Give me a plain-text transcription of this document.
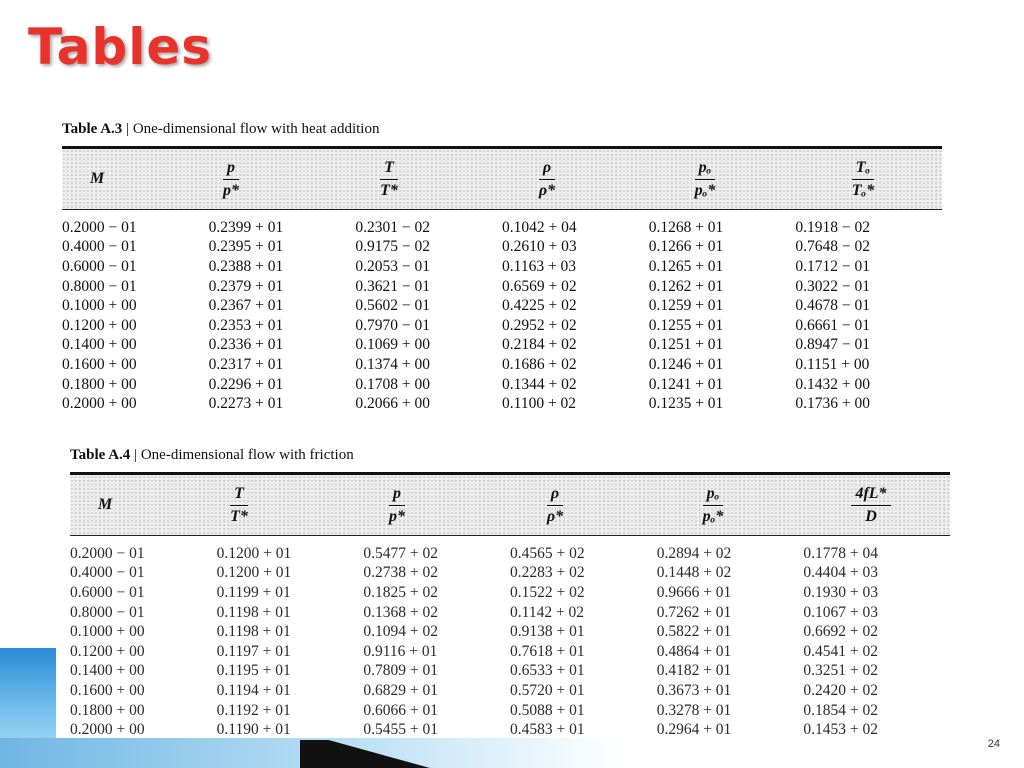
Tables
Table A.3 | One-dimensional flow with heat addition
M	$\frac{p}{p*}$	$\frac{T}{T*}$	$\frac{\rho}{\rho*}$	$\frac{\text{pₒ}}{\text{pₒ*}}$	$\frac{\text{Tₒ}}{\text{Tₒ*}}$
0.2000 − 01	0.2399 + 01	0.2301 − 02	0.1042 + 04	0.1268 + 01	0.1918 − 02
0.4000 − 01	0.2395 + 01	0.9175 − 02	0.2610 + 03	0.1266 + 01	0.7648 − 02
0.6000 − 01	0.2388 + 01	0.2053 − 01	0.1163 + 03	0.1265 + 01	0.1712 − 01
0.8000 − 01	0.2379 + 01	0.3621 − 01	0.6569 + 02	0.1262 + 01	0.3022 − 01
0.1000 + 00	0.2367 + 01	0.5602 − 01	0.4225 + 02	0.1259 + 01	0.4678 − 01
0.1200 + 00	0.2353 + 01	0.7970 − 01	0.2952 + 02	0.1255 + 01	0.6661 − 01
0.1400 + 00	0.2336 + 01	0.1069 + 00	0.2184 + 02	0.1251 + 01	0.8947 − 01
0.1600 + 00	0.2317 + 01	0.1374 + 00	0.1686 + 02	0.1246 + 01	0.1151 + 00
0.1800 + 00	0.2296 + 01	0.1708 + 00	0.1344 + 02	0.1241 + 01	0.1432 + 00
0.2000 + 00	0.2273 + 01	0.2066 + 00	0.1100 + 02	0.1235 + 01	0.1736 + 00
Table A.4 | One-dimensional flow with friction
M	$\frac{T}{T*}$	$\frac{p}{p*}$	$\frac{\rho}{\rho*}$	$\frac{\text{pₒ}}{\text{pₒ*}}$	$\frac{4fL*}{D}$
0.2000 − 01	0.1200 + 01	0.5477 + 02	0.4565 + 02	0.2894 + 02	0.1778 + 04
0.4000 − 01	0.1200 + 01	0.2738 + 02	0.2283 + 02	0.1448 + 02	0.4404 + 03
0.6000 − 01	0.1199 + 01	0.1825 + 02	0.1522 + 02	0.9666 + 01	0.1930 + 03
0.8000 − 01	0.1198 + 01	0.1368 + 02	0.1142 + 02	0.7262 + 01	0.1067 + 03
0.1000 + 00	0.1198 + 01	0.1094 + 02	0.9138 + 01	0.5822 + 01	0.6692 + 02
0.1200 + 00	0.1197 + 01	0.9116 + 01	0.7618 + 01	0.4864 + 01	0.4541 + 02
0.1400 + 00	0.1195 + 01	0.7809 + 01	0.6533 + 01	0.4182 + 01	0.3251 + 02
0.1600 + 00	0.1194 + 01	0.6829 + 01	0.5720 + 01	0.3673 + 01	0.2420 + 02
0.1800 + 00	0.1192 + 01	0.6066 + 01	0.5088 + 01	0.3278 + 01	0.1854 + 02
0.2000 + 00	0.1190 + 01	0.5455 + 01	0.4583 + 01	0.2964 + 01	0.1453 + 02
24
